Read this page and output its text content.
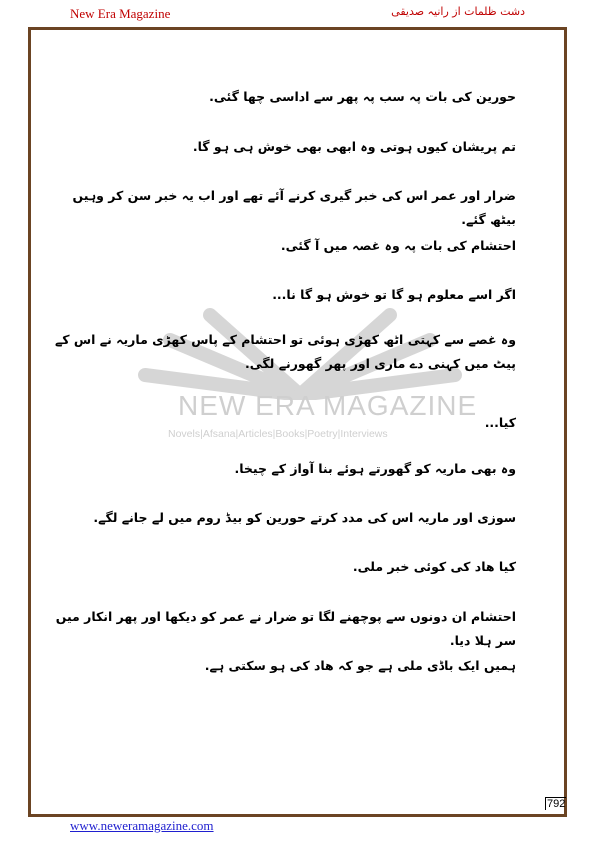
New Era Magazine	دشت ظلمات از رانیہ صدیقی
NEW ERA MAGAZINE
Novels|Afsana|Articles|Books|Poetry|Interviews
حورین کی بات پہ سب پہ پھر سے اداسی چھا گئی.
تم پریشان کیوں ہوتی وہ ابھی بھی خوش ہی ہو گا.
ضرار اور عمر اس کی خبر گیری کرنے آئے تھے اور اب یہ خبر سن کر وہیں بیٹھ گئے.
احتشام کی بات پہ وہ غصہ میں آ گئی.
اگر اسے معلوم ہو گا تو خوش ہو گا نا...
وہ غصے سے کہتی اٹھ کھڑی ہوئی تو احتشام کے پاس کھڑی ماریہ نے اس کے پیٹ میں کہنی دے ماری اور پھر گھورنے لگی.
کیا...
وہ بھی ماریہ کو گھورتے ہوئے بنا آواز کے چیخا.
سوزی اور ماریہ اس کی مدد کرتے حورین کو بیڈ روم میں لے جانے لگے.
کیا ھاد کی کوئی خبر ملی.
احتشام ان دونوں سے پوچھنے لگا تو ضرار نے عمر کو دیکھا اور پھر انکار میں سر ہلا دیا.
ہمیں ایک باڈی ملی ہے جو کہ ھاد کی ہو سکتی ہے.
792
www.neweramagazine.com
